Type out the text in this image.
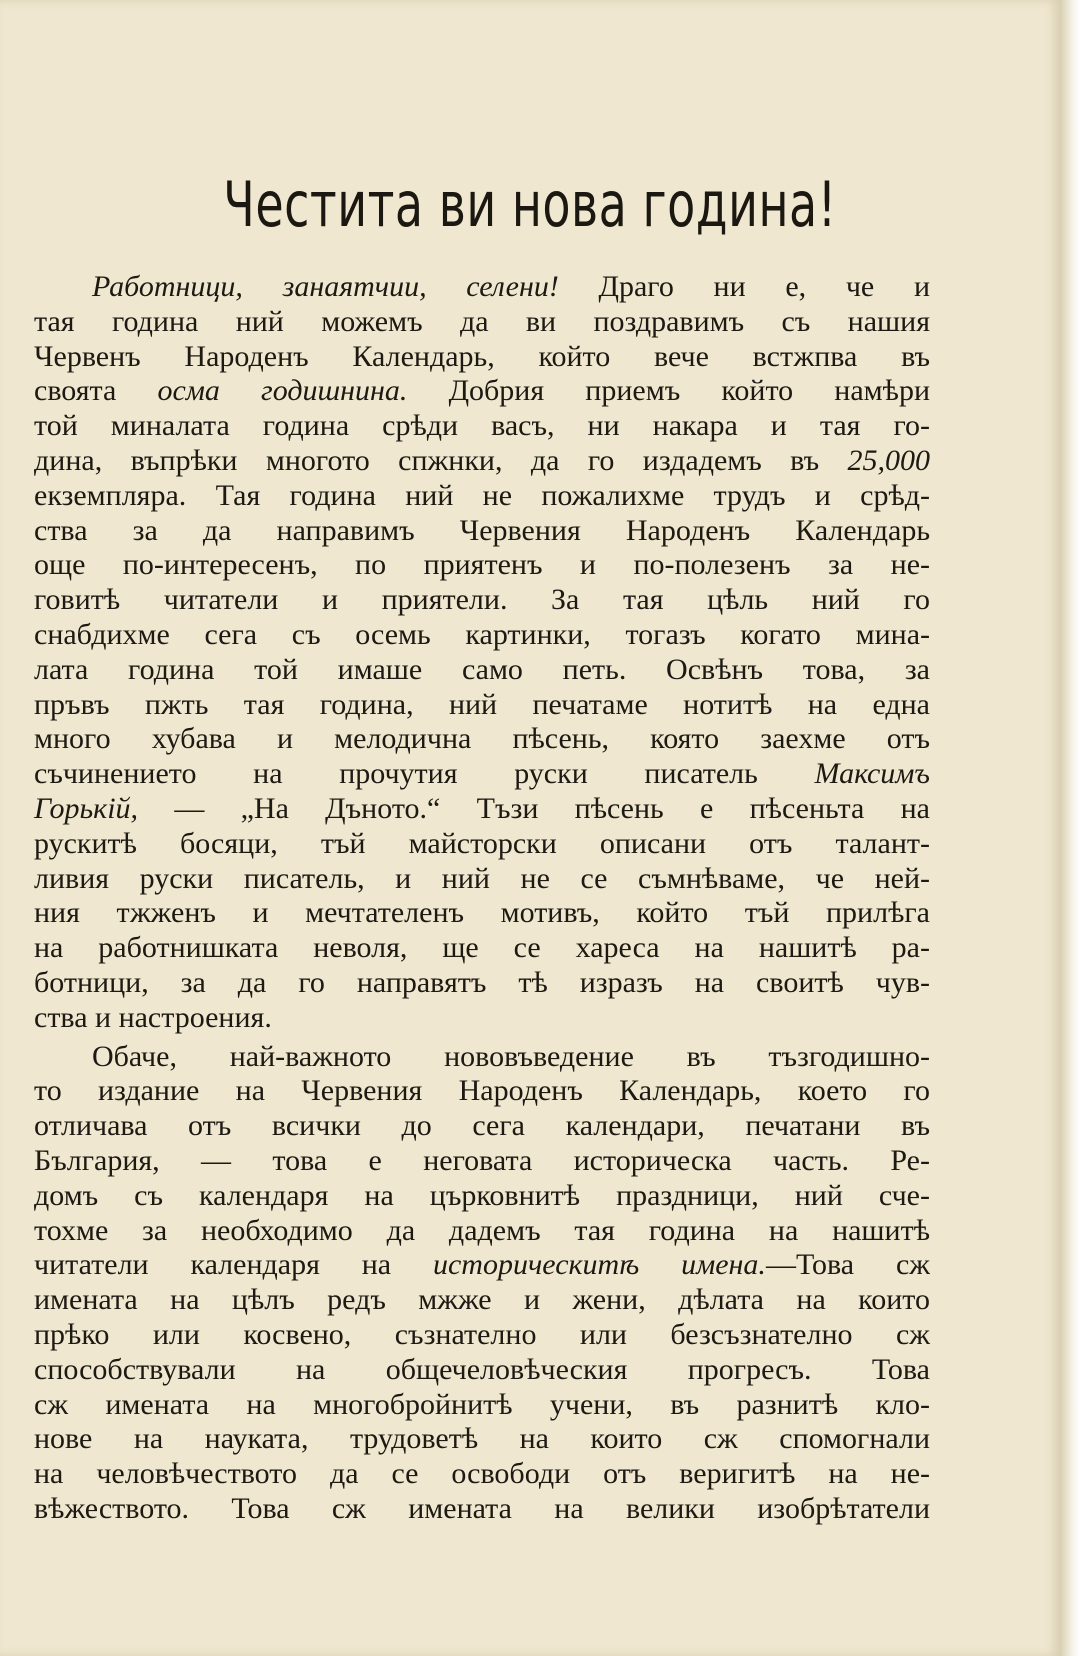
Честита ви нова година!
Работници, занаятчии, селени! Драго ни е, че и
тая година ний можемъ да ви поздравимъ съ нашия
Червенъ Народенъ Календарь, който вече встжпва въ
своята осма годишнина. Добрия приемъ който намѣри
той миналата година срѣди васъ, ни накара и тая го-
дина, въпрѣки многото спжнки, да го издадемъ въ 25,000
екземпляра. Тая година ний не пожалихме трудъ и срѣд-
ства за да направимъ Червения Народенъ Календарь
още по-интересенъ, по приятенъ и по-полезенъ за не-
говитѣ читатели и приятели. За тая цѣль ний го
снабдихме сега съ осемь картинки, тогазъ когато мина-
лата година той имаше само петь. Освѣнъ това, за
пръвъ пжть тая година, ний печатаме нотитѣ на една
много хубава и мелодична пѣсень, която заехме отъ
съчинението на прочутия руски писатель Максимъ
Горькій, — „На Дъното.“ Тъзи пѣсень е пѣсеньта на
рускитѣ босяци, тъй майсторски описани отъ талант-
ливия руски писатель, и ний не се съмнѣваме, че ней-
ния тжженъ и мечтателенъ мотивъ, който тъй прилѣга
на работнишката неволя, ще се хареса на нашитѣ ра-
ботници, за да го направятъ тѣ изразъ на своитѣ чув-
ства и настроения.
Обаче, най-важното нововъведение въ тъзгодишно-
то издание на Червения Народенъ Календарь, което го
отличава отъ всички до сега календари, печатани въ
България, — това е неговата историческа часть. Ре-
домъ съ календаря на църковнитѣ праздници, ний сче-
тохме за необходимо да дадемъ тая година на нашитѣ
читатели календаря на историческитѣ имена.—Това сж
имената на цѣлъ редъ мжже и жени, дѣлата на които
прѣко или косвено, съзнателно или безсъзнателно сж
способствували на общечеловѣческия прогресъ. Това
сж имената на многобройнитѣ учени, въ разнитѣ кло-
нове на науката, трудоветѣ на които сж спомогнали
на человѣчеството да се освободи отъ веригитѣ на не-
вѣжеството. Това сж имената на велики изобрѣтатели
